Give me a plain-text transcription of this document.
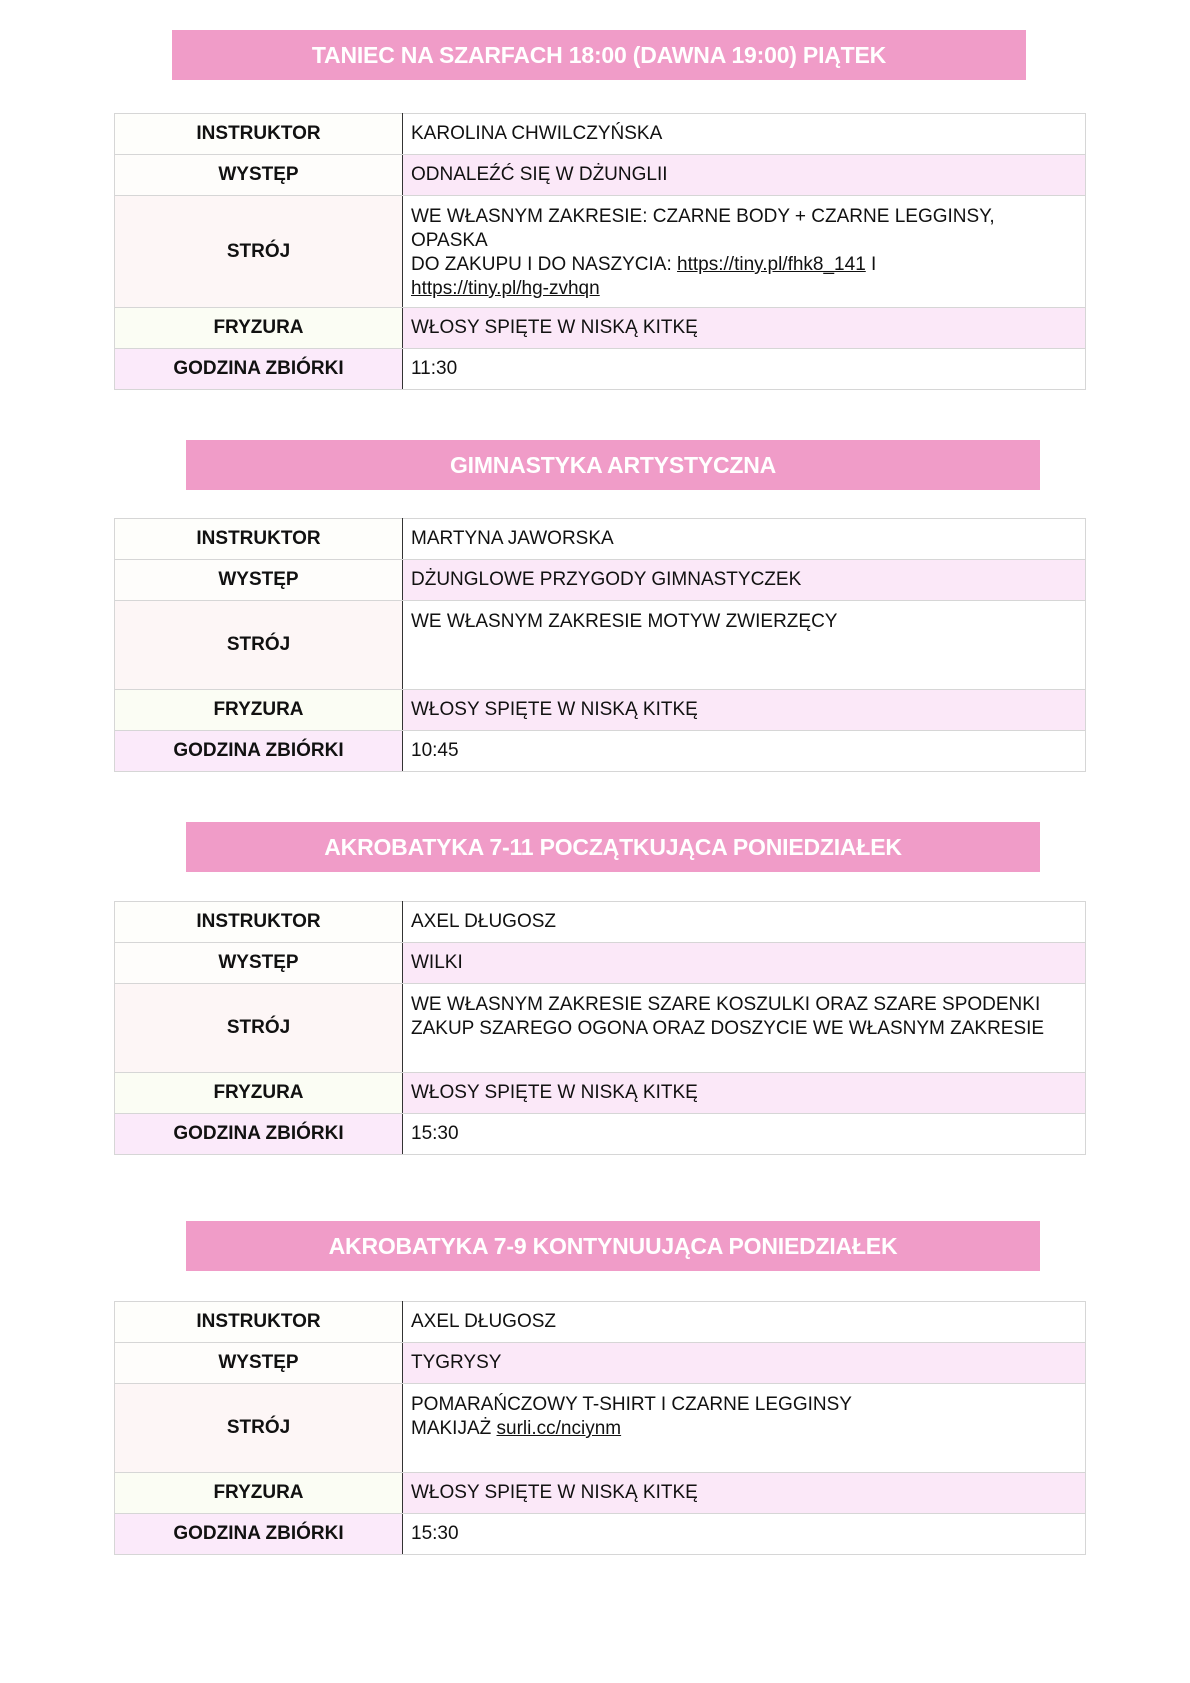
TANIEC NA SZARFACH 18:00 (DAWNA 19:00) PIĄTEK
INSTRUKTOR	KAROLINA CHWILCZYŃSKA
WYSTĘP	ODNALEŹĆ SIĘ W DŻUNGLII
STRÓJ	WE WŁASNYM ZAKRESIE: CZARNE BODY + CZARNE LEGGINSY,
OPASKA
DO ZAKUPU I DO NASZYCIA: https://tiny.pl/fhk8_141 I
https://tiny.pl/hg-zvhqn

FRYZURA	WŁOSY SPIĘTE W NISKĄ KITKĘ
GODZINA ZBIÓRKI	11:30
GIMNASTYKA ARTYSTYCZNA
INSTRUKTOR	MARTYNA JAWORSKA
WYSTĘP	DŻUNGLOWE PRZYGODY GIMNASTYCZEK
STRÓJ	WE WŁASNYM ZAKRESIE MOTYW ZWIERZĘCY

FRYZURA	WŁOSY SPIĘTE W NISKĄ KITKĘ
GODZINA ZBIÓRKI	10:45
AKROBATYKA 7-11 POCZĄTKUJĄCA PONIEDZIAŁEK
INSTRUKTOR	AXEL DŁUGOSZ
WYSTĘP	WILKI
STRÓJ	WE WŁASNYM ZAKRESIE SZARE KOSZULKI ORAZ SZARE SPODENKI
ZAKUP SZAREGO OGONA ORAZ DOSZYCIE WE WŁASNYM ZAKRESIE

FRYZURA	WŁOSY SPIĘTE W NISKĄ KITKĘ
GODZINA ZBIÓRKI	15:30
AKROBATYKA 7-9 KONTYNUUJĄCA PONIEDZIAŁEK
INSTRUKTOR	AXEL DŁUGOSZ
WYSTĘP	TYGRYSY
STRÓJ	POMARAŃCZOWY T-SHIRT I CZARNE LEGGINSY
MAKIJAŻ surli.cc/nciynm

FRYZURA	WŁOSY SPIĘTE W NISKĄ KITKĘ
GODZINA ZBIÓRKI	15:30
